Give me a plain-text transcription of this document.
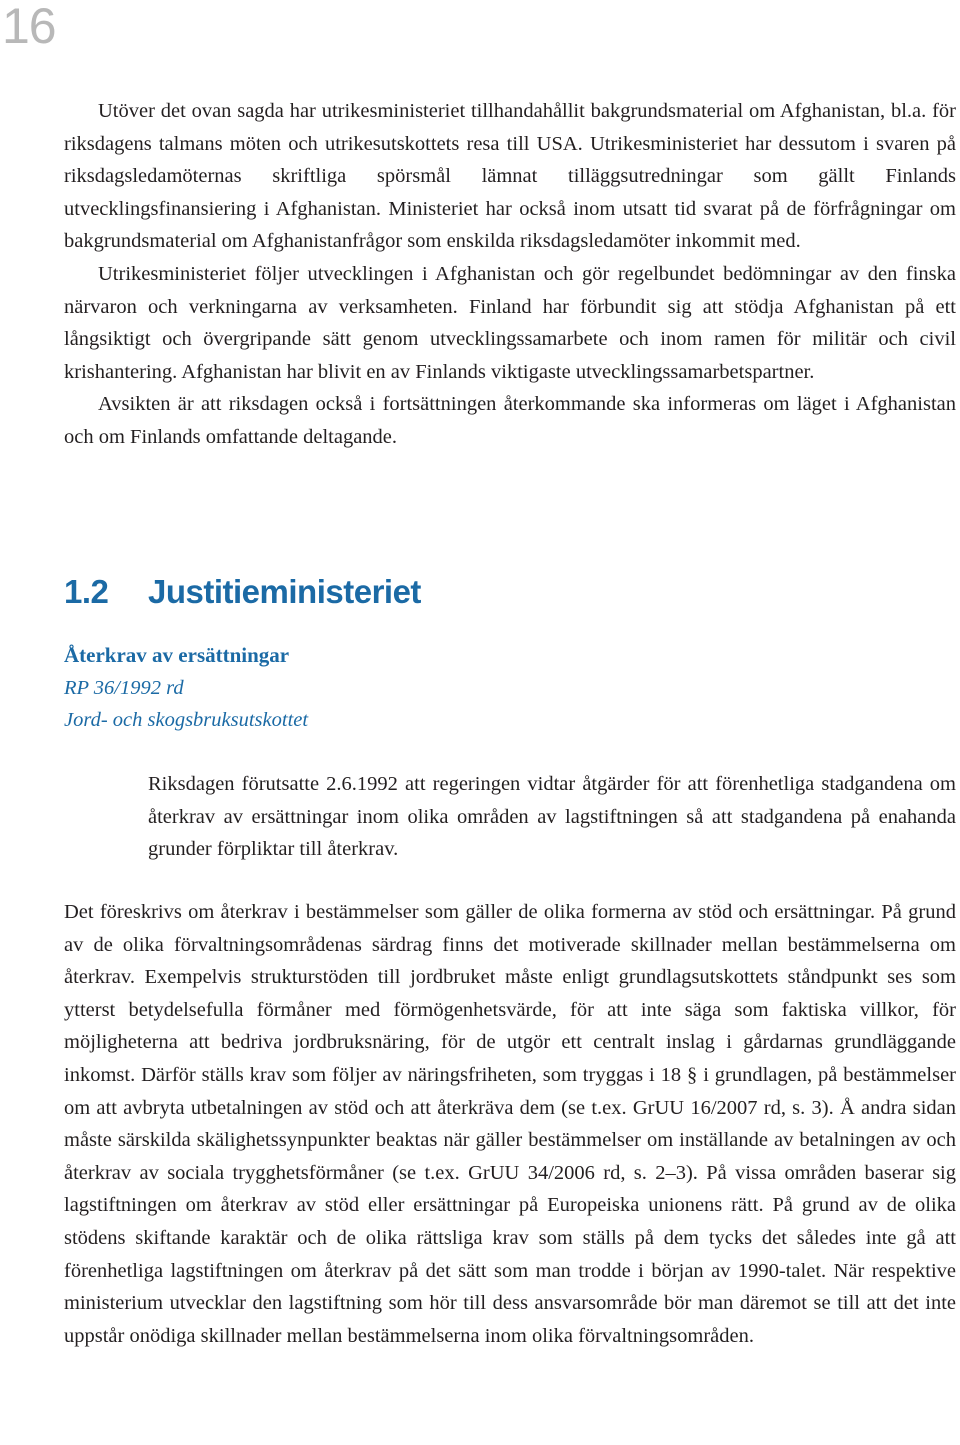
16

Utöver det ovan sagda har utrikesministeriet tillhandahållit bakgrundsmaterial om Afghanistan, bl.a. för riksdagens talmans möten och utrikesutskottets resa till USA. Utrikesministeriet har dessutom i svaren på riksdagsledamöternas skriftliga spörsmål lämnat tilläggsutredningar som gällt Finlands utvecklingsfinansiering i Afghanistan. Ministeriet har också inom utsatt tid svarat på de förfrågningar om bakgrundsmaterial om Afghanistanfrågor som enskilda riksdagsledamöter inkommit med.

Utrikesministeriet följer utvecklingen i Afghanistan och gör regelbundet bedömningar av den finska närvaron och verkningarna av verksamheten. Finland har förbundit sig att stödja Afghanistan på ett långsiktigt och övergripande sätt genom utvecklingssamarbete och inom ramen för militär och civil krishantering. Afghanistan har blivit en av Finlands viktigaste utvecklingssamarbetspartner.

Avsikten är att riksdagen också i fortsättningen återkommande ska informeras om läget i Afghanistan och om Finlands omfattande deltagande.

1.2 Justitieministeriet
Återkrav av ersättningar
RP 36/1992 rd
Jord- och skogsbruksutskottet

Riksdagen förutsatte 2.6.1992 att regeringen vidtar åtgärder för att förenhetliga stadgandena om återkrav av ersättningar inom olika områden av lagstiftningen så att stadgandena på enahanda grunder förpliktar till återkrav.

Det föreskrivs om återkrav i bestämmelser som gäller de olika formerna av stöd och ersättningar. På grund av de olika förvaltningsområdenas särdrag finns det motiverade skillnader mellan bestämmelserna om återkrav. Exempelvis strukturstöden till jordbruket måste enligt grundlagsutskottets ståndpunkt ses som ytterst betydelsefulla förmåner med förmögenhetsvärde, för att inte säga som faktiska villkor, för möjligheterna att bedriva jordbruksnäring, för de utgör ett centralt inslag i gårdarnas grundläggande inkomst. Därför ställs krav som följer av näringsfriheten, som tryggas i 18 § i grundlagen, på bestämmelser om att avbryta utbetalningen av stöd och att återkräva dem (se t.ex. GrUU 16/2007 rd, s. 3). Å andra sidan måste särskilda skälighetssynpunkter beaktas när gäller bestämmelser om inställande av betalningen av och återkrav av sociala trygghetsförmåner (se t.ex. GrUU 34/2006 rd, s. 2–3). På vissa områden baserar sig lagstiftningen om återkrav av stöd eller ersättningar på Europeiska unionens rätt. På grund av de olika stödens skiftande karaktär och de olika rättsliga krav som ställs på dem tycks det således inte gå att förenhetliga lagstiftningen om återkrav på det sätt som man trodde i början av 1990-talet. När respektive ministerium utvecklar den lagstiftning som hör till dess ansvarsområde bör man däremot se till att det inte uppstår onödiga skillnader mellan bestämmelserna inom olika förvaltningsområden.
